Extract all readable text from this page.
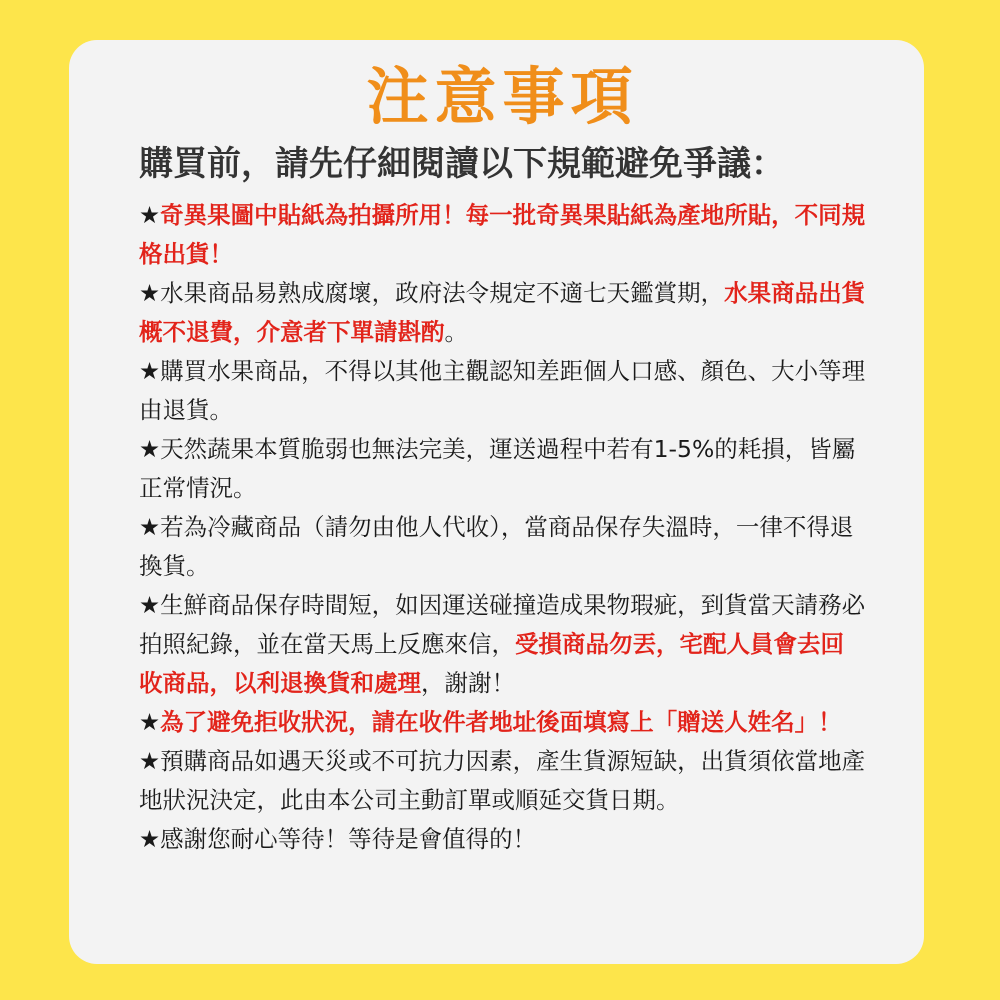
注意事項
購買前，請先仔細閱讀以下規範避免爭議：
★奇異果圖中貼紙為拍攝所用！每一批奇異果貼紙為產地所貼，不同規格出貨！
★水果商品易熟成腐壞，政府法令規定不適七天鑑賞期，水果商品出貨概不退費，介意者下單請斟酌。
★購買水果商品，不得以其他主觀認知差距個人口感、顏色、大小等理由退貨。
★天然蔬果本質脆弱也無法完美，運送過程中若有1-5%的耗損，皆屬正常情況。
★若為冷藏商品（請勿由他人代收），當商品保存失溫時，一律不得退換貨。
★生鮮商品保存時間短，如因運送碰撞造成果物瑕疵，到貨當天請務必拍照紀錄，並在當天馬上反應來信，受損商品勿丟，宅配人員會去回收商品，以利退換貨和處理，謝謝！
★為了避免拒收狀況，請在收件者地址後面填寫上「贈送人姓名」！
★預購商品如遇天災或不可抗力因素，產生貨源短缺，出貨須依當地產地狀況決定，此由本公司主動訂單或順延交貨日期。
★感謝您耐心等待！等待是會值得的！
